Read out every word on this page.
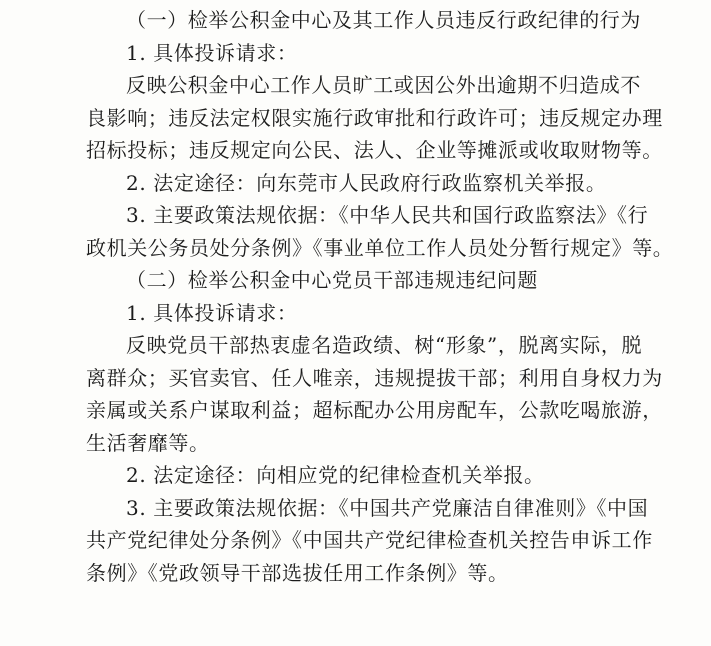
（一）检举公积金中心及其工作人员违反行政纪律的行为
1. 具体投诉请求：
反映公积金中心工作人员旷工或因公外出逾期不归造成不
良影响；违反法定权限实施行政审批和行政许可；违反规定办理
招标投标；违反规定向公民、法人、企业等摊派或收取财物等。
2. 法定途径：向东莞市人民政府行政监察机关举报。
3. 主要政策法规依据：《中华人民共和国行政监察法》《行
政机关公务员处分条例》《事业单位工作人员处分暂行规定》等。
（二）检举公积金中心党员干部违规违纪问题
1. 具体投诉请求：
反映党员干部热衷虚名造政绩、树“形象”，脱离实际，脱
离群众；买官卖官、任人唯亲，违规提拔干部；利用自身权力为
亲属或关系户谋取利益；超标配办公用房配车，公款吃喝旅游，
生活奢靡等。
2. 法定途径：向相应党的纪律检查机关举报。
3. 主要政策法规依据：《中国共产党廉洁自律准则》《中国
共产党纪律处分条例》《中国共产党纪律检查机关控告申诉工作
条例》《党政领导干部选拔任用工作条例》等。
